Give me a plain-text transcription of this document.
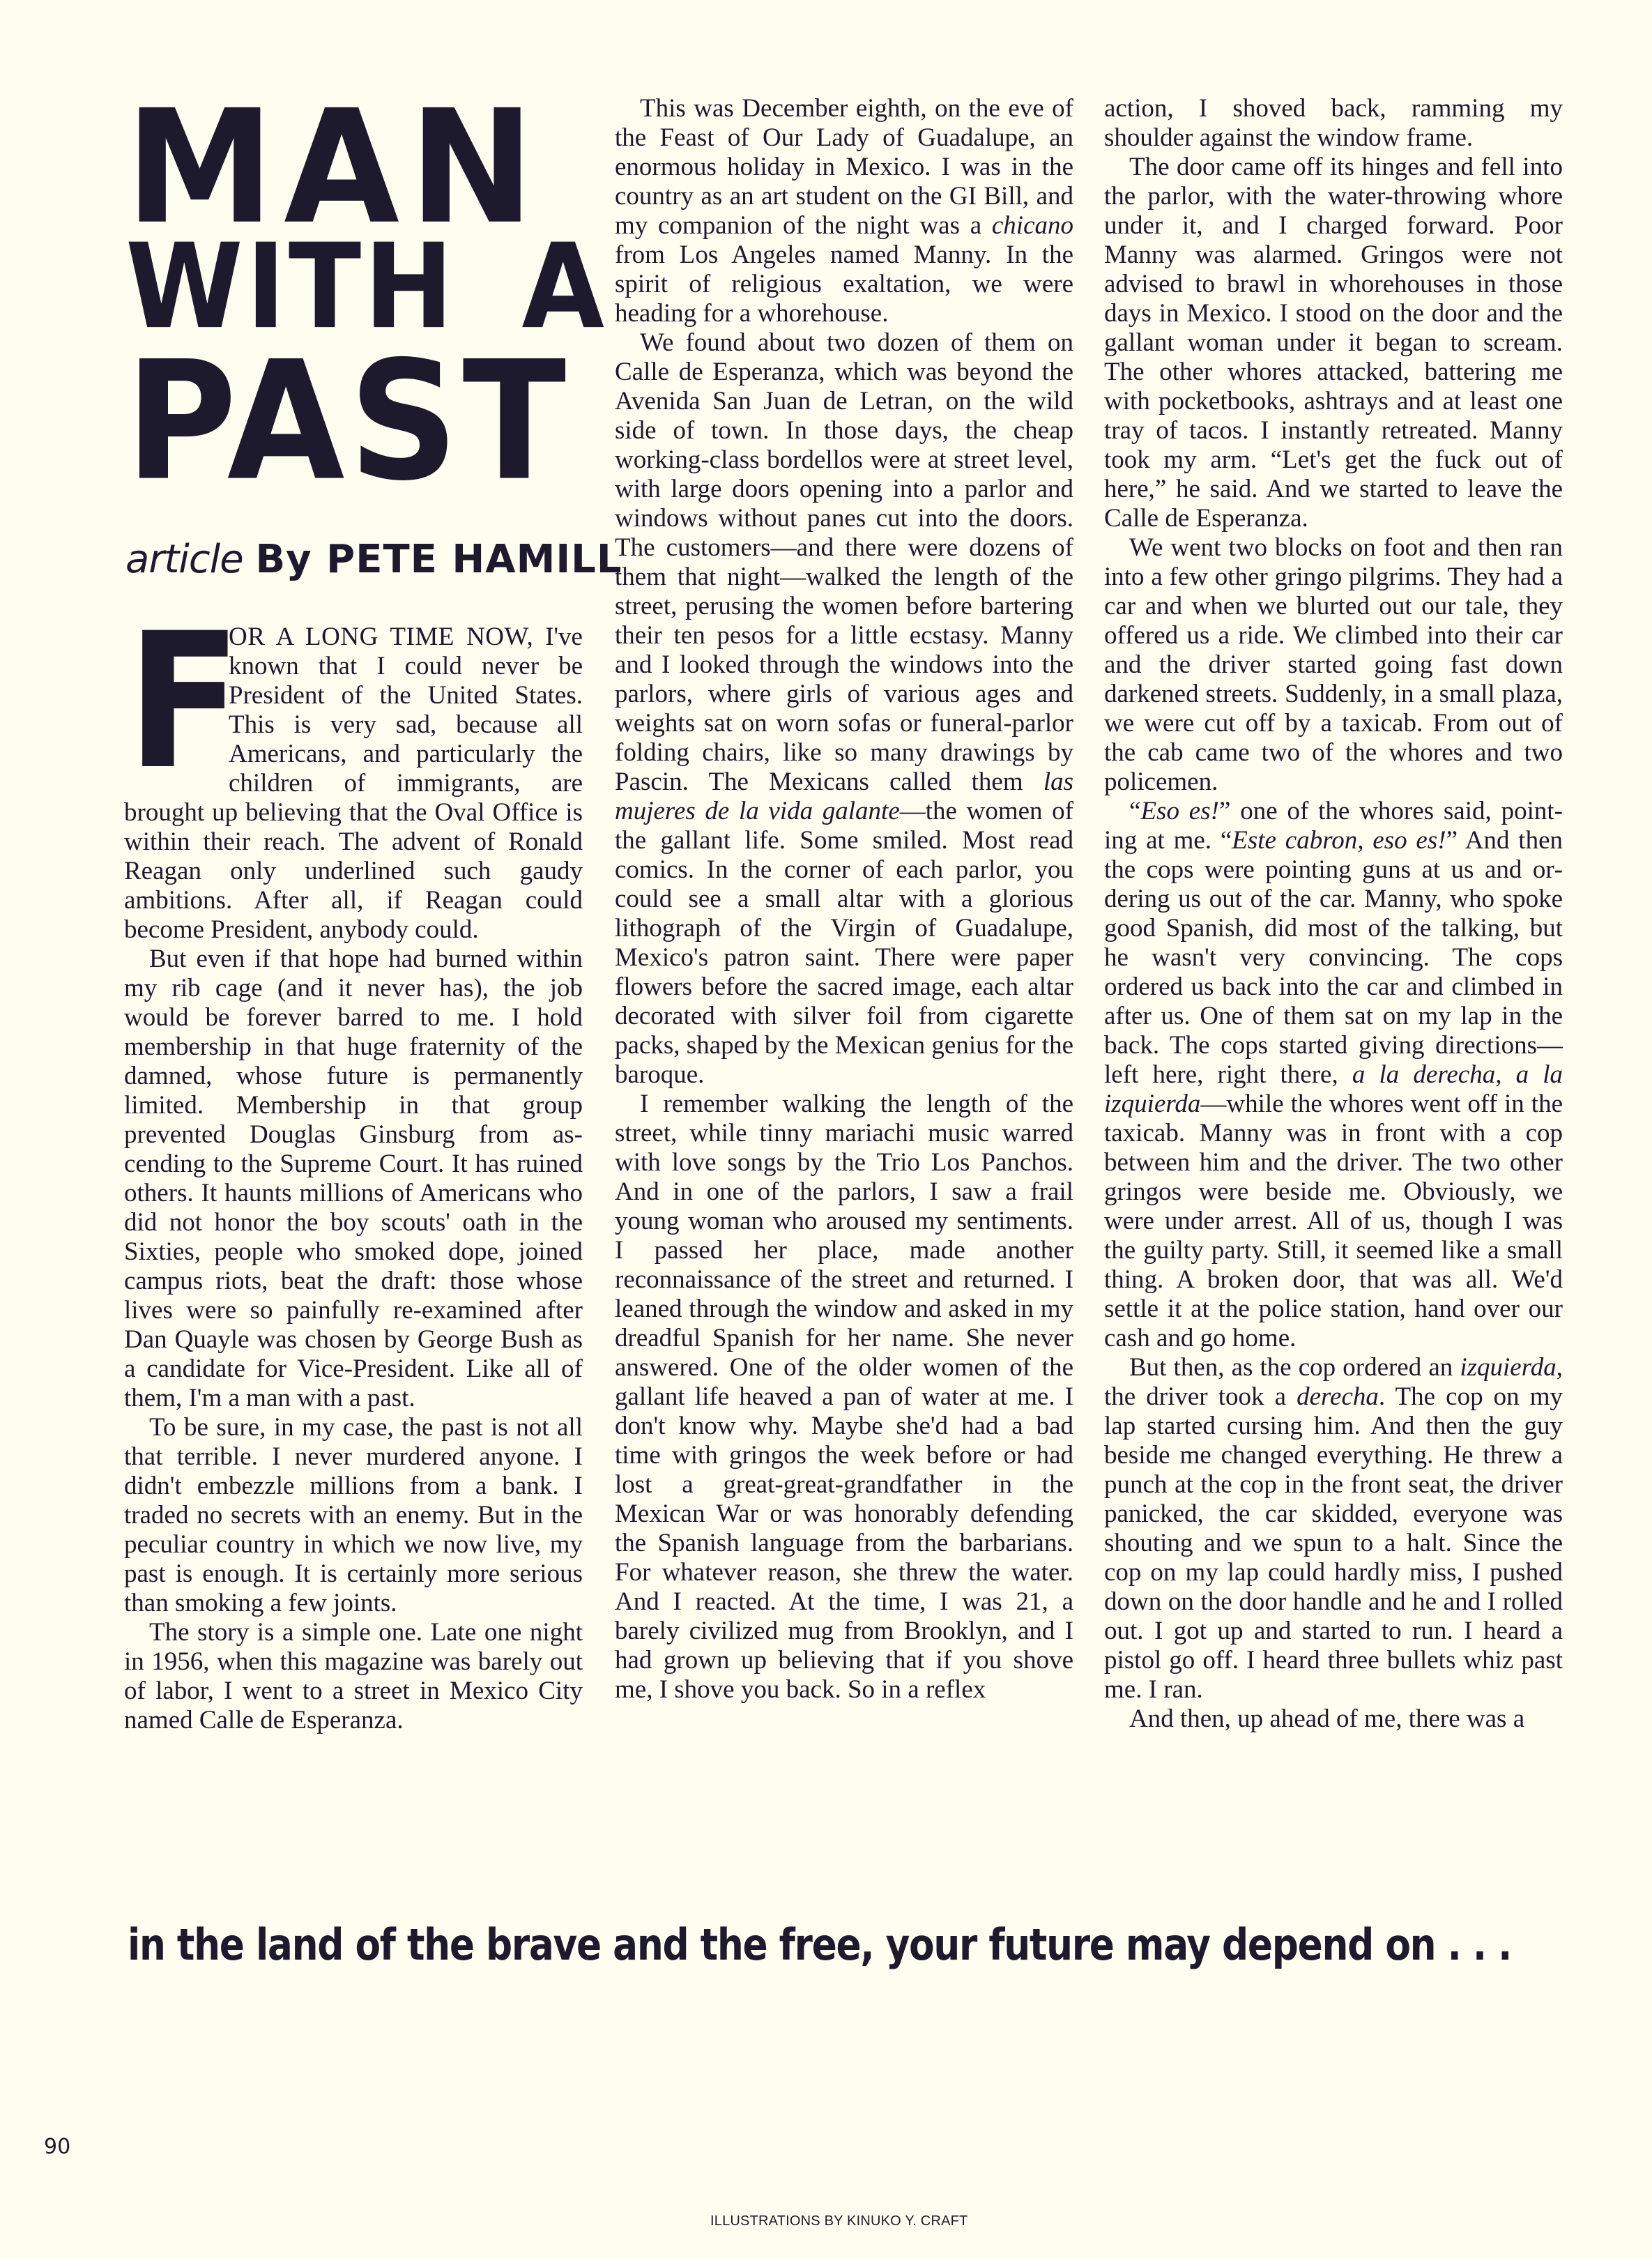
MAN
WITH A
PAST
article By PETE HAMILL

F
OR A LONG TIME NOW, I've known that I could never be President of the United States. This is very sad, because all Americans, and particularly the children of immigrants, are brought up believing that the Oval Office is within their reach. The advent of Ronald Reagan only underlined such gaudy ambitions. After all, if Reagan could become President, anybody could.

But even if that hope had burned within my rib cage (and it never has), the job would be forever barred to me. I hold membership in that huge fraternity of the damned, whose future is permanently limited. Membership in that group prevented Douglas Ginsburg from ascending to the Supreme Court. It has ruined others. It haunts millions of Americans who did not honor the boy scouts' oath in the Sixties, people who smoked dope, joined campus riots, beat the draft: those whose lives were so painfully re-examined after Dan Quayle was chosen by George Bush as a candidate for Vice-President. Like all of them, I'm a man with a past.

To be sure, in my case, the past is not all that terrible. I never murdered anyone. I didn't embezzle millions from a bank. I traded no secrets with an enemy. But in the peculiar country in which we now live, my past is enough. It is certainly more serious than smoking a few joints.

The story is a simple one. Late one night in 1956, when this magazine was barely out of labor, I went to a street in Mexico City named Calle de Esperanza.

This was December eighth, on the eve of the Feast of Our Lady of Guadalupe, an enormous holiday in Mexico. I was in the country as an art student on the GI Bill, and my companion of the night was a chicano from Los Angeles named Manny. In the spirit of religious exaltation, we were heading for a whorehouse.

We found about two dozen of them on Calle de Esperanza, which was beyond the Avenida San Juan de Letran, on the wild side of town. In those days, the cheap working-class bordellos were at street level, with large doors opening into a parlor and windows without panes cut into the doors. The customers—and there were dozens of them that night—walked the length of the street, perusing the women before bartering their ten pesos for a little ecstasy. Manny and I looked through the windows into the parlors, where girls of various ages and weights sat on worn sofas or funeral-parlor folding chairs, like so many drawings by Pascin. The Mexicans called them las mujeres de la vida galante—the women of the gallant life. Some smiled. Most read comics. In the corner of each parlor, you could see a small altar with a glorious lithograph of the Virgin of Guadalupe, Mexico's patron saint. There were paper flowers before the sacred image, each altar decorated with silver foil from cigarette packs, shaped by the Mexican genius for the baroque.

I remember walking the length of the street, while tinny mariachi music warred with love songs by the Trio Los Panchos. And in one of the parlors, I saw a frail young woman who aroused my sentiments. I passed her place, made another reconnaissance of the street and returned. I leaned through the window and asked in my dreadful Spanish for her name. She never answered. One of the older women of the gallant life heaved a pan of water at me. I don't know why. Maybe she'd had a bad time with gringos the week before or had lost a great-great-grandfather in the Mexican War or was honorably defending the Spanish language from the barbarians. For whatever reason, she threw the water. And I reacted. At the time, I was 21, a barely civilized mug from Brooklyn, and I had grown up believing that if you shove me, I shove you back. So in a reflex

action, I shoved back, ramming my shoulder against the window frame.

The door came off its hinges and fell into the parlor, with the water-throwing whore under it, and I charged forward. Poor Manny was alarmed. Gringos were not advised to brawl in whorehouses in those days in Mexico. I stood on the door and the gallant woman under it began to scream. The other whores attacked, battering me with pocketbooks, ashtrays and at least one tray of tacos. I instantly retreated. Manny took my arm. “Let's get the fuck out of here,” he said. And we started to leave the Calle de Esperanza.

We went two blocks on foot and then ran into a few other gringo pilgrims. They had a car and when we blurted out our tale, they offered us a ride. We climbed into their car and the driver started going fast down darkened streets. Suddenly, in a small plaza, we were cut off by a taxicab. From out of the cab came two of the whores and two policemen.

“Eso es!” one of the whores said, pointing at me. “Este cabron, eso es!” And then the cops were pointing guns at us and ordering us out of the car. Manny, who spoke good Spanish, did most of the talking, but he wasn't very convincing. The cops ordered us back into the car and climbed in after us. One of them sat on my lap in the back. The cops started giving directions—left here, right there, a la derecha, a la izquierda—while the whores went off in the taxicab. Manny was in front with a cop between him and the driver. The two other gringos were beside me. Obviously, we were under arrest. All of us, though I was the guilty party. Still, it seemed like a small thing. A broken door, that was all. We'd settle it at the police station, hand over our cash and go home.

But then, as the cop ordered an izquierda, the driver took a derecha. The cop on my lap started cursing him. And then the guy beside me changed everything. He threw a punch at the cop in the front seat, the driver panicked, the car skidded, everyone was shouting and we spun to a halt. Since the cop on my lap could hardly miss, I pushed down on the door handle and he and I rolled out. I got up and started to run. I heard a pistol go off. I heard three bullets whiz past me. I ran.

And then, up ahead of me, there was a

in the land of the brave and the free, your future may depend on . . .
90
ILLUSTRATIONS BY KINUKO Y. CRAFT
